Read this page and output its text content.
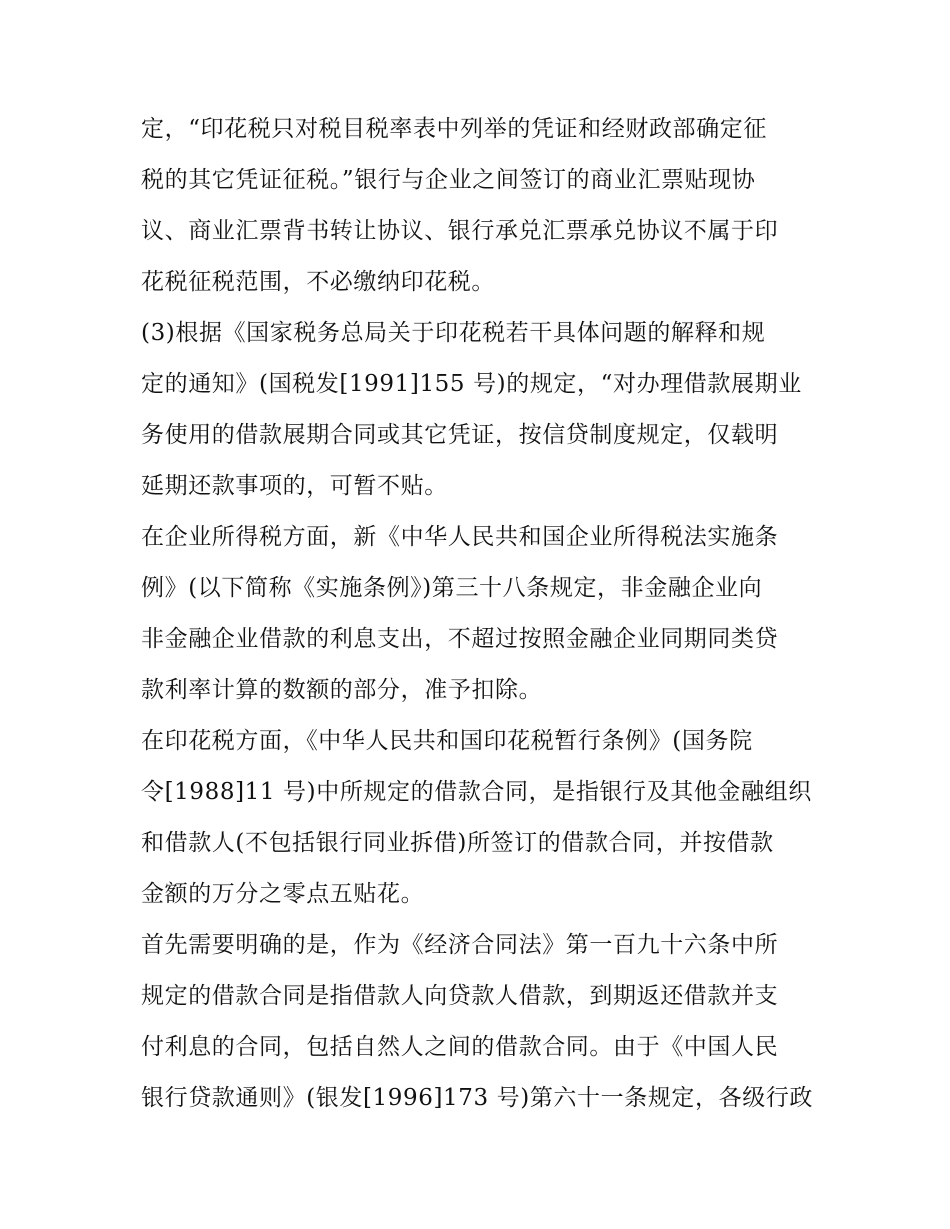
定，“印花税只对税目税率表中列举的凭证和经财政部确定征
税的其它凭证征税。”银行与企业之间签订的商业汇票贴现协
议、商业汇票背书转让协议、银行承兑汇票承兑协议不属于印
花税征税范围，不必缴纳印花税。

(3)根据《国家税务总局关于印花税若干具体问题的解释和规
定的通知》(国税发[1991]155 号)的规定，“对办理借款展期业
务使用的借款展期合同或其它凭证，按信贷制度规定，仅载明
延期还款事项的，可暂不贴。

在企业所得税方面，新《中华人民共和国企业所得税法实施条
例》(以下简称《实施条例》)第三十八条规定，非金融企业向
非金融企业借款的利息支出，不超过按照金融企业同期同类贷
款利率计算的数额的部分，准予扣除。

在印花税方面，《中华人民共和国印花税暂行条例》(国务院
令[1988]11 号)中所规定的借款合同，是指银行及其他金融组织
和借款人(不包括银行同业拆借)所签订的借款合同，并按借款
金额的万分之零点五贴花。

首先需要明确的是，作为《经济合同法》第一百九十六条中所
规定的借款合同是指借款人向贷款人借款，到期返还借款并支
付利息的合同，包括自然人之间的借款合同。由于《中国人民
银行贷款通则》(银发[1996]173 号)第六十一条规定，各级行政
